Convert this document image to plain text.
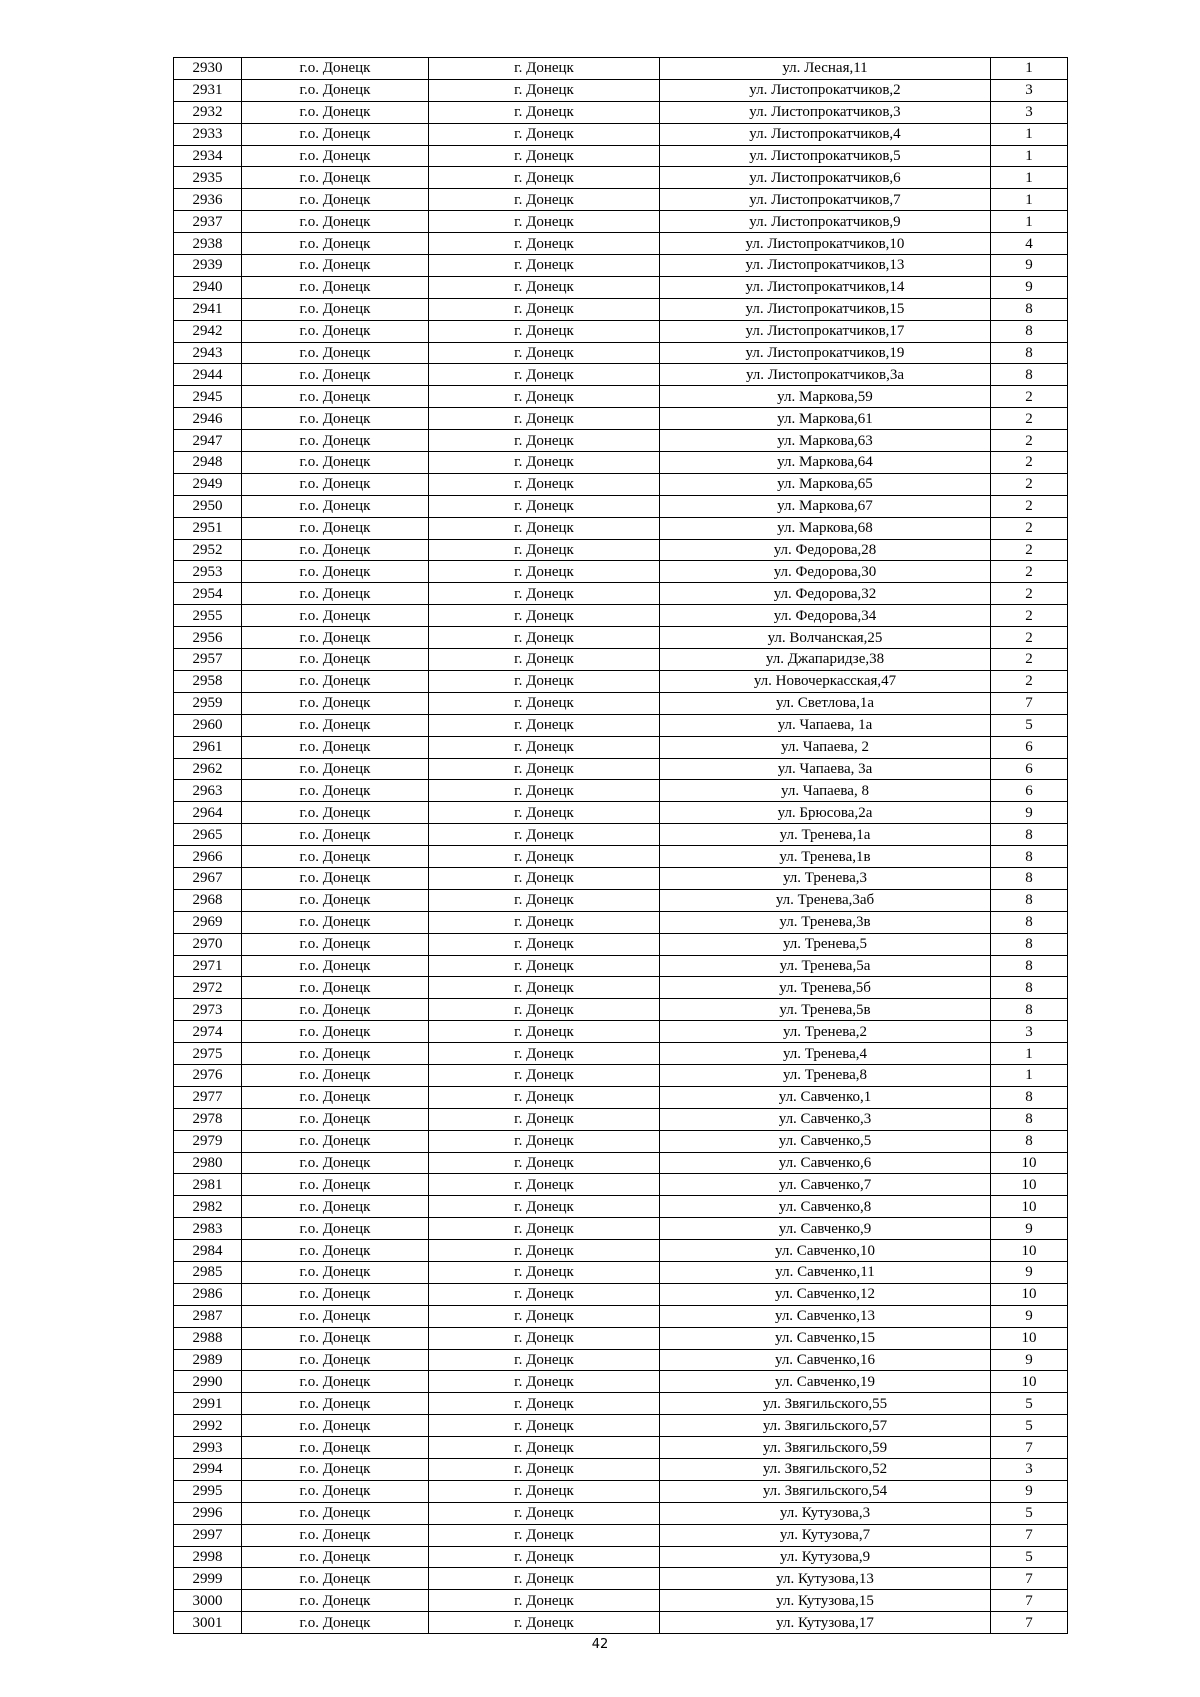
2930	г.о. Донецк	г. Донецк	ул. Лесная,11	1
2931	г.о. Донецк	г. Донецк	ул. Листопрокатчиков,2	3
2932	г.о. Донецк	г. Донецк	ул. Листопрокатчиков,3	3
2933	г.о. Донецк	г. Донецк	ул. Листопрокатчиков,4	1
2934	г.о. Донецк	г. Донецк	ул. Листопрокатчиков,5	1
2935	г.о. Донецк	г. Донецк	ул. Листопрокатчиков,6	1
2936	г.о. Донецк	г. Донецк	ул. Листопрокатчиков,7	1
2937	г.о. Донецк	г. Донецк	ул. Листопрокатчиков,9	1
2938	г.о. Донецк	г. Донецк	ул. Листопрокатчиков,10	4
2939	г.о. Донецк	г. Донецк	ул. Листопрокатчиков,13	9
2940	г.о. Донецк	г. Донецк	ул. Листопрокатчиков,14	9
2941	г.о. Донецк	г. Донецк	ул. Листопрокатчиков,15	8
2942	г.о. Донецк	г. Донецк	ул. Листопрокатчиков,17	8
2943	г.о. Донецк	г. Донецк	ул. Листопрокатчиков,19	8
2944	г.о. Донецк	г. Донецк	ул. Листопрокатчиков,3а	8
2945	г.о. Донецк	г. Донецк	ул. Маркова,59	2
2946	г.о. Донецк	г. Донецк	ул. Маркова,61	2
2947	г.о. Донецк	г. Донецк	ул. Маркова,63	2
2948	г.о. Донецк	г. Донецк	ул. Маркова,64	2
2949	г.о. Донецк	г. Донецк	ул. Маркова,65	2
2950	г.о. Донецк	г. Донецк	ул. Маркова,67	2
2951	г.о. Донецк	г. Донецк	ул. Маркова,68	2
2952	г.о. Донецк	г. Донецк	ул. Федорова,28	2
2953	г.о. Донецк	г. Донецк	ул. Федорова,30	2
2954	г.о. Донецк	г. Донецк	ул. Федорова,32	2
2955	г.о. Донецк	г. Донецк	ул. Федорова,34	2
2956	г.о. Донецк	г. Донецк	ул. Волчанская,25	2
2957	г.о. Донецк	г. Донецк	ул. Джапаридзе,38	2
2958	г.о. Донецк	г. Донецк	ул. Новочеркасская,47	2
2959	г.о. Донецк	г. Донецк	ул. Светлова,1а	7
2960	г.о. Донецк	г. Донецк	ул. Чапаева, 1а	5
2961	г.о. Донецк	г. Донецк	ул. Чапаева, 2	6
2962	г.о. Донецк	г. Донецк	ул. Чапаева, 3а	6
2963	г.о. Донецк	г. Донецк	ул. Чапаева, 8	6
2964	г.о. Донецк	г. Донецк	ул. Брюсова,2а	9
2965	г.о. Донецк	г. Донецк	ул. Тренева,1а	8
2966	г.о. Донецк	г. Донецк	ул. Тренева,1в	8
2967	г.о. Донецк	г. Донецк	ул. Тренева,3	8
2968	г.о. Донецк	г. Донецк	ул. Тренева,3аб	8
2969	г.о. Донецк	г. Донецк	ул. Тренева,3в	8
2970	г.о. Донецк	г. Донецк	ул. Тренева,5	8
2971	г.о. Донецк	г. Донецк	ул. Тренева,5а	8
2972	г.о. Донецк	г. Донецк	ул. Тренева,5б	8
2973	г.о. Донецк	г. Донецк	ул. Тренева,5в	8
2974	г.о. Донецк	г. Донецк	ул. Тренева,2	3
2975	г.о. Донецк	г. Донецк	ул. Тренева,4	1
2976	г.о. Донецк	г. Донецк	ул. Тренева,8	1
2977	г.о. Донецк	г. Донецк	ул. Савченко,1	8
2978	г.о. Донецк	г. Донецк	ул. Савченко,3	8
2979	г.о. Донецк	г. Донецк	ул. Савченко,5	8
2980	г.о. Донецк	г. Донецк	ул. Савченко,6	10
2981	г.о. Донецк	г. Донецк	ул. Савченко,7	10
2982	г.о. Донецк	г. Донецк	ул. Савченко,8	10
2983	г.о. Донецк	г. Донецк	ул. Савченко,9	9
2984	г.о. Донецк	г. Донецк	ул. Савченко,10	10
2985	г.о. Донецк	г. Донецк	ул. Савченко,11	9
2986	г.о. Донецк	г. Донецк	ул. Савченко,12	10
2987	г.о. Донецк	г. Донецк	ул. Савченко,13	9
2988	г.о. Донецк	г. Донецк	ул. Савченко,15	10
2989	г.о. Донецк	г. Донецк	ул. Савченко,16	9
2990	г.о. Донецк	г. Донецк	ул. Савченко,19	10
2991	г.о. Донецк	г. Донецк	ул. Звягильского,55	5
2992	г.о. Донецк	г. Донецк	ул. Звягильского,57	5
2993	г.о. Донецк	г. Донецк	ул. Звягильского,59	7
2994	г.о. Донецк	г. Донецк	ул. Звягильского,52	3
2995	г.о. Донецк	г. Донецк	ул. Звягильского,54	9
2996	г.о. Донецк	г. Донецк	ул. Кутузова,3	5
2997	г.о. Донецк	г. Донецк	ул. Кутузова,7	7
2998	г.о. Донецк	г. Донецк	ул. Кутузова,9	5
2999	г.о. Донецк	г. Донецк	ул. Кутузова,13	7
3000	г.о. Донецк	г. Донецк	ул. Кутузова,15	7
3001	г.о. Донецк	г. Донецк	ул. Кутузова,17	7
42
